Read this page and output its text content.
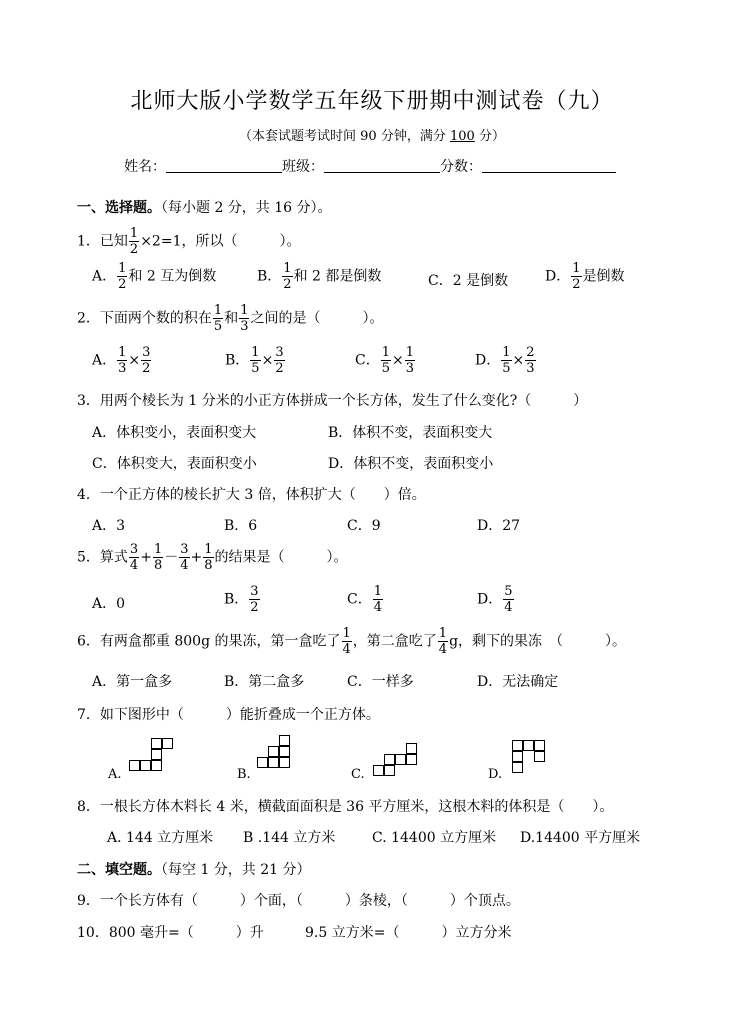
北师大版小学数学五年级下册期中测试卷（九）
（本套试题考试时间 90 分钟，满分 100 分）
姓名：	班级：	分数：
一、选择题。（每小题 2 分，共 16 分）。
1．已知 $\frac{1}{2} \times 2=1$，所以（　　　）。
A． $\frac{1}{2}$ 和 2 互为倒数	B． $\frac{1}{2}$ 和 2 都是倒数	C．2 是倒数	D． $\frac{1}{2}$ 是倒数
2．下面两个数的积在 $\frac{1}{5}$ 和 $\frac{1}{3}$ 之间的是（　　　）。
A． $\frac{1}{3} \times \frac{3}{2}$	B． $\frac{1}{5} \times \frac{3}{2}$	C． $\frac{1}{5} \times \frac{1}{3}$	D． $\frac{1}{5} \times \frac{2}{3}$
3．用两个棱长为 1 分米的小正方体拼成一个长方体，发生了什么变化?（　　　）
A．体积变小，表面积变大	B．体积不变，表面积变大
C．体积变大，表面积变小	D．体积不变，表面积变小
4．一个正方体的棱长扩大 3 倍，体积扩大（　　）倍。
A．3	B．6	C．9	D．27
5．算式 $\frac{3}{4} + \frac{1}{8} - \frac{3}{4} + \frac{1}{8}$ 的结果是（　　　）。
A．0	B． $\frac{3}{2}$	C． $\frac{1}{4}$	D． $\frac{5}{4}$
6．有两盒都重 800g 的果冻，第一盒吃了 $\frac{1}{4}$ ，第二盒吃了 $\frac{1}{4}$ g，剩下的果冻　（　　　）。
A．第一盒多	B．第二盒多	C．一样多	D．无法确定
7．如下图形中（　　　）能折叠成一个正方体。
A.	B.	C.	D.
8．一根长方体木料长 4 米，横截面面积是 36 平方厘米，这根木料的体积是（　　）。
A. 144 立方厘米 B .144 立方米	C. 14400 立方厘米 D.14400 平方厘米
二、填空题。（每空 1 分，共 21 分）
9．一个长方体有（　　　）个面，（　　　）条棱，（　　　）个顶点。
10．800 毫升=（　　　）升	9.5 立方米=（　　　）立方分米
